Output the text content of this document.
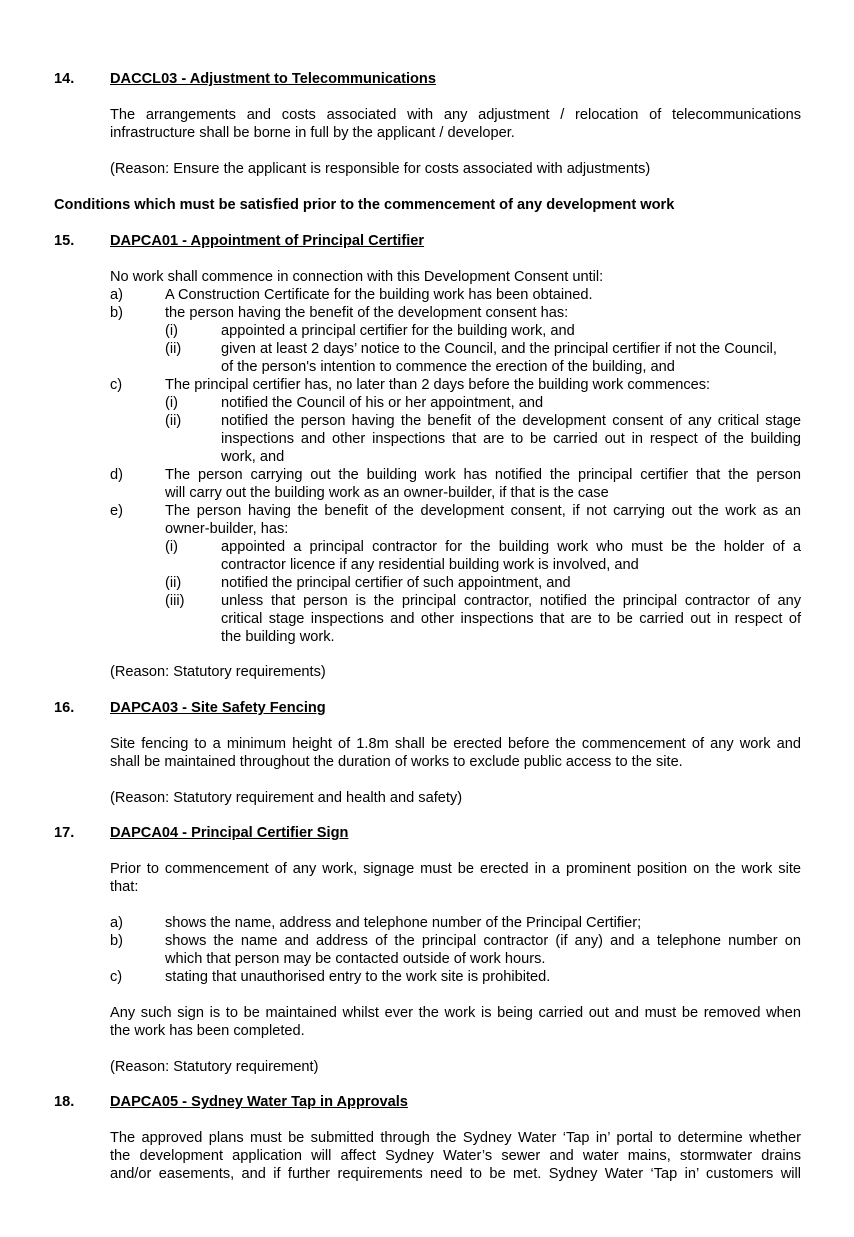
14. DACCL03 - Adjustment to Telecommunications
The arrangements and costs associated with any adjustment / relocation of telecommunications
infrastructure shall be borne in full by the applicant / developer.
(Reason: Ensure the applicant is responsible for costs associated with adjustments)
Conditions which must be satisfied prior to the commencement of any development work
15. DAPCA01 - Appointment of Principal Certifier
No work shall commence in connection with this Development Consent until:
a)	A Construction Certificate for the building work has been obtained.
b)	the person having the benefit of the development consent has:
(i)	appointed a principal certifier for the building work, and
(ii)	given at least 2 days’ notice to the Council, and the principal certifier if not the Council,
of the person's intention to commence the erection of the building, and
c)	The principal certifier has, no later than 2 days before the building work commences:
(i)	notified the Council of his or her appointment, and
(ii)	notified the person having the benefit of the development consent of any critical stage
inspections and other inspections that are to be carried out in respect of the building
work, and
d)	The person carrying out the building work has notified the principal certifier that the person
will carry out the building work as an owner-builder, if that is the case
e)	The person having the benefit of the development consent, if not carrying out the work as an
owner-builder, has:
(i)	appointed a principal contractor for the building work who must be the holder of a
contractor licence if any residential building work is involved, and
(ii)	notified the principal certifier of such appointment, and
(iii)	unless that person is the principal contractor, notified the principal contractor of any
critical stage inspections and other inspections that are to be carried out in respect of
the building work.
(Reason: Statutory requirements)
16. DAPCA03 - Site Safety Fencing
Site fencing to a minimum height of 1.8m shall be erected before the commencement of any work and
shall be maintained throughout the duration of works to exclude public access to the site.
(Reason: Statutory requirement and health and safety)
17. DAPCA04 - Principal Certifier Sign
Prior to commencement of any work, signage must be erected in a prominent position on the work site
that:
a)	shows the name, address and telephone number of the Principal Certifier;
b)	shows the name and address of the principal contractor (if any) and a telephone number on
which that person may be contacted outside of work hours.
c)	stating that unauthorised entry to the work site is prohibited.
Any such sign is to be maintained whilst ever the work is being carried out and must be removed when
the work has been completed.
(Reason: Statutory requirement)
18. DAPCA05 - Sydney Water Tap in Approvals
The approved plans must be submitted through the Sydney Water ‘Tap in’ portal to determine whether
the development application will affect Sydney Water’s sewer and water mains, stormwater drains
and/or easements, and if further requirements need to be met. Sydney Water ‘Tap in’ customers will
